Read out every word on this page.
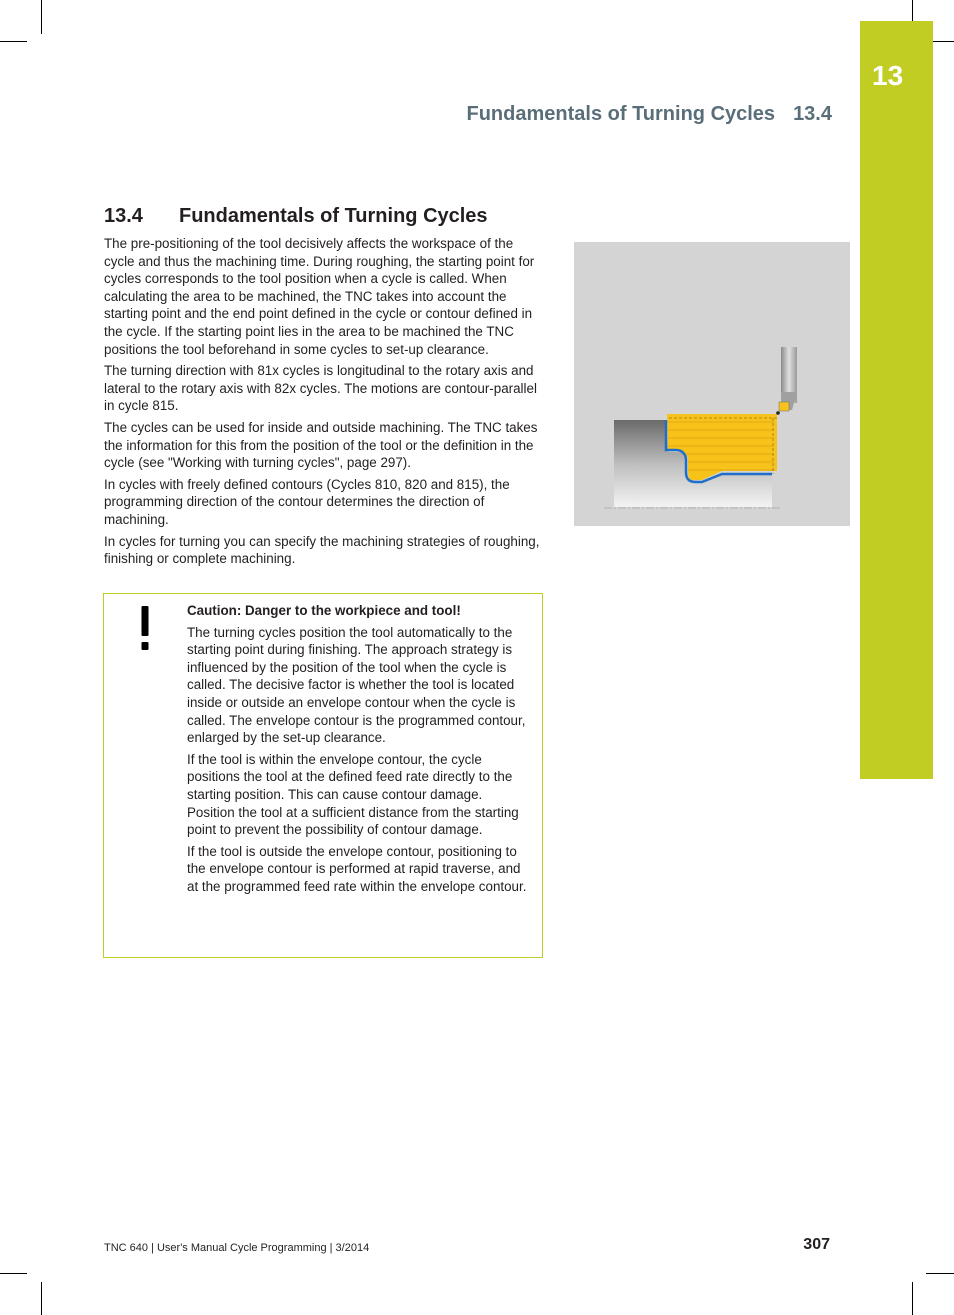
13
Fundamentals of Turning Cycles 13.4
13.4 Fundamentals of Turning Cycles

The pre-positioning of the tool decisively affects the workspace of the cycle and thus the machining time. During roughing, the starting point for cycles corresponds to the tool position when a cycle is called. When calculating the area to be machined, the TNC takes into account the starting point and the end point defined in the cycle or contour defined in the cycle. If the starting point lies in the area to be machined the TNC positions the tool beforehand in some cycles to set-up clearance.

The turning direction with 81x cycles is longitudinal to the rotary axis and lateral to the rotary axis with 82x cycles. The motions are contour-parallel in cycle 815.

The cycles can be used for inside and outside machining. The TNC takes the information for this from the position of the tool or the definition in the cycle (see "Working with turning cycles", page 297).

In cycles with freely defined contours (Cycles 810, 820 and 815), the programming direction of the contour determines the direction of machining.

In cycles for turning you can specify the machining strategies of roughing, finishing or complete machining.

Caution: Danger to the workpiece and tool!

The turning cycles position the tool automatically to the starting point during finishing. The approach strategy is influenced by the position of the tool when the cycle is called. The decisive factor is whether the tool is located inside or outside an envelope contour when the cycle is called. The envelope contour is the programmed contour, enlarged by the set-up clearance.

If the tool is within the envelope contour, the cycle positions the tool at the defined feed rate directly to the starting position. This can cause contour damage. Position the tool at a sufficient distance from the starting point to prevent the possibility of contour damage.

If the tool is outside the envelope contour, positioning to the envelope contour is performed at rapid traverse, and at the programmed feed rate within the envelope contour.

TNC 640 | User's Manual Cycle Programming | 3/2014	307
